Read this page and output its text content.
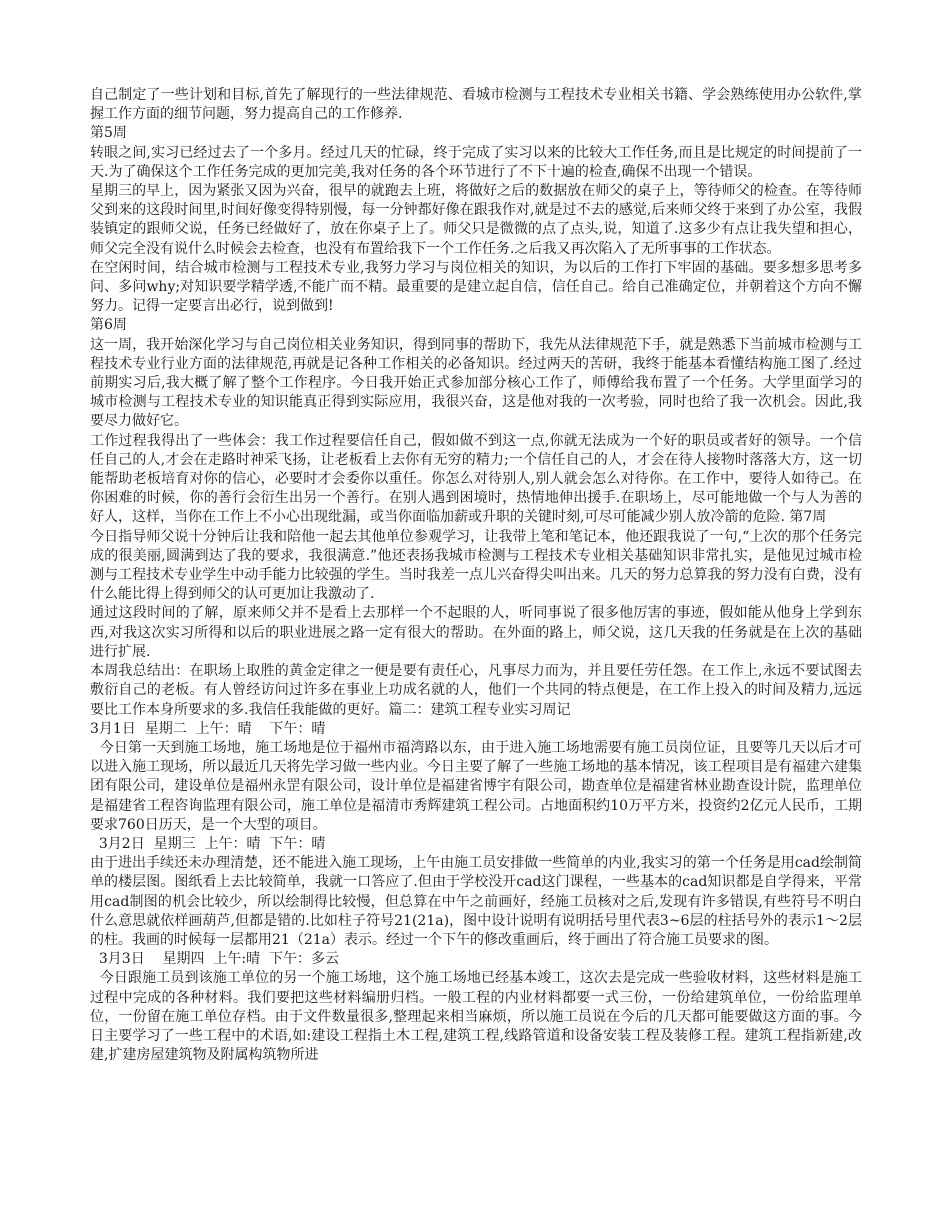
自己制定了一些计划和目标,首先了解现行的一些法律规范、看城市检测与工程技术专业相关书籍、学会熟练使用办公软件,掌握工作方面的细节问题，努力提高自己的工作修养.

第5周

转眼之间,实习已经过去了一个多月。经过几天的忙碌，终于完成了实习以来的比较大工作任务,而且是比规定的时间提前了一天.为了确保这个工作任务完成的更加完美,我对任务的各个环节进行了不下十遍的检查,确保不出现一个错误。

星期三的早上，因为紧张又因为兴奋，很早的就跑去上班，将做好之后的数据放在师父的桌子上，等待师父的检查。在等待师父到来的这段时间里,时间好像变得特别慢，每一分钟都好像在跟我作对,就是过不去的感觉,后来师父终于来到了办公室，我假装镇定的跟师父说，任务已经做好了，放在你桌子上了。师父只是微微的点了点头,说，知道了.这多少有点让我失望和担心，师父完全没有说什么时候会去检查，也没有布置给我下一个工作任务.之后我又再次陷入了无所事事的工作状态。

在空闲时间，结合城市检测与工程技术专业,我努力学习与岗位相关的知识，为以后的工作打下牢固的基础。要多想多思考多问、多问why;对知识要学精学透,不能广而不精。最重要的是建立起自信，信任自己。给自己准确定位，并朝着这个方向不懈努力。记得一定要言出必行，说到做到!

第6周

这一周，我开始深化学习与自己岗位相关业务知识，得到同事的帮助下，我先从法律规范下手，就是熟悉下当前城市检测与工程技术专业行业方面的法律规范,再就是记各种工作相关的必备知识。经过两天的苦研，我终于能基本看懂结构施工图了.经过前期实习后,我大概了解了整个工作程序。今日我开始正式参加部分核心工作了，师傅给我布置了一个任务。大学里面学习的城市检测与工程技术专业的知识能真正得到实际应用，我很兴奋，这是他对我的一次考验，同时也给了我一次机会。因此,我要尽力做好它。

工作过程我得出了一些体会：我工作过程要信任自己，假如做不到这一点,你就无法成为一个好的职员或者好的领导。一个信任自己的人,才会在走路时神采飞扬，让老板看上去你有无穷的精力;一个信任自己的人，才会在待人接物时落落大方，这一切能帮助老板培育对你的信心，必要时才会委你以重任。你怎么对待别人,别人就会怎么对待你。在工作中，要待人如待己。在你困难的时候，你的善行会衍生出另一个善行。在别人遇到困境时，热情地伸出援手.在职场上，尽可能地做一个与人为善的好人，这样，当你在工作上不小心出现纰漏，或当你面临加薪或升职的关键时刻,可尽可能减少别人放冷箭的危险. 第7周

今日指导师父说十分钟后让我和陪他一起去其他单位参观学习，让我带上笔和笔记本，他还跟我说了一句,“上次的那个任务完成的很美丽,圆满到达了我的要求，我很满意.”他还表扬我城市检测与工程技术专业相关基础知识非常扎实，是他见过城市检测与工程技术专业学生中动手能力比较强的学生。当时我差一点儿兴奋得尖叫出来。几天的努力总算我的努力没有白费，没有什么能比得上得到师父的认可更加让我激动了.

通过这段时间的了解，原来师父并不是看上去那样一个不起眼的人，听同事说了很多他厉害的事迹，假如能从他身上学到东西,对我这次实习所得和以后的职业进展之路一定有很大的帮助。在外面的路上，师父说，这几天我的任务就是在上次的基础进行扩展.

本周我总结出：在职场上取胜的黄金定律之一便是要有责任心，凡事尽力而为，并且要任劳任怨。在工作上,永远不要试图去敷衍自己的老板。有人曾经访问过许多在事业上功成名就的人，他们一个共同的特点便是，在工作上投入的时间及精力,远远要比工作本身所要求的多.我信任我能做的更好。篇二：建筑工程专业实习周记

3月1日  星期二  上午：晴    下午：晴

今日第一天到施工场地，施工场地是位于福州市福湾路以东，由于进入施工场地需要有施工员岗位证，且要等几天以后才可以进入施工现场，所以最近几天将先学习做一些内业。今日主要了解了一些施工场地的基本情况，该工程项目是有福建六建集团有限公司，建设单位是福州永罡有限公司，设计单位是福建省博宇有限公司，勘查单位是福建省林业勘查设计院，监理单位是福建省工程咨询监理有限公司，施工单位是福清市秀辉建筑工程公司。占地面积约10万平方米，投资约2亿元人民币，工期要求760日历天，是一个大型的项目。

3月2日  星期三  上午：晴  下午：晴

由于进出手续还未办理清楚，还不能进入施工现场，上午由施工员安排做一些简单的内业,我实习的第一个任务是用cad绘制简单的楼层图。图纸看上去比较简单，我就一口答应了.但由于学校没开cad这门课程，一些基本的cad知识都是自学得来，平常用cad制图的机会比较少，所以绘制得比较慢，但总算在中午之前画好，经施工员核对之后,发现有许多错误,有些符号不明白什么意思就依样画葫芦,但都是错的.比如柱子符号21(21a)，图中设计说明有说明括号里代表3~6层的柱括号外的表示1～2层的柱。我画的时候每一层都用21（21a）表示。经过一个下午的修改重画后，终于画出了符合施工员要求的图。

3月3日    星期四  上午:晴  下午：多云

今日跟施工员到该施工单位的另一个施工场地，这个施工场地已经基本竣工，这次去是完成一些验收材料，这些材料是施工过程中完成的各种材料。我们要把这些材料编册归档。一般工程的内业材料都要一式三份，一份给建筑单位，一份给监理单位，一份留在施工单位存档。由于文件数量很多,整理起来相当麻烦，所以施工员说在今后的几天都可能要做这方面的事。今日主要学习了一些工程中的术语,如:建设工程指土木工程,建筑工程,线路管道和设备安装工程及装修工程。建筑工程指新建,改建,扩建房屋建筑物及附属构筑物所进
